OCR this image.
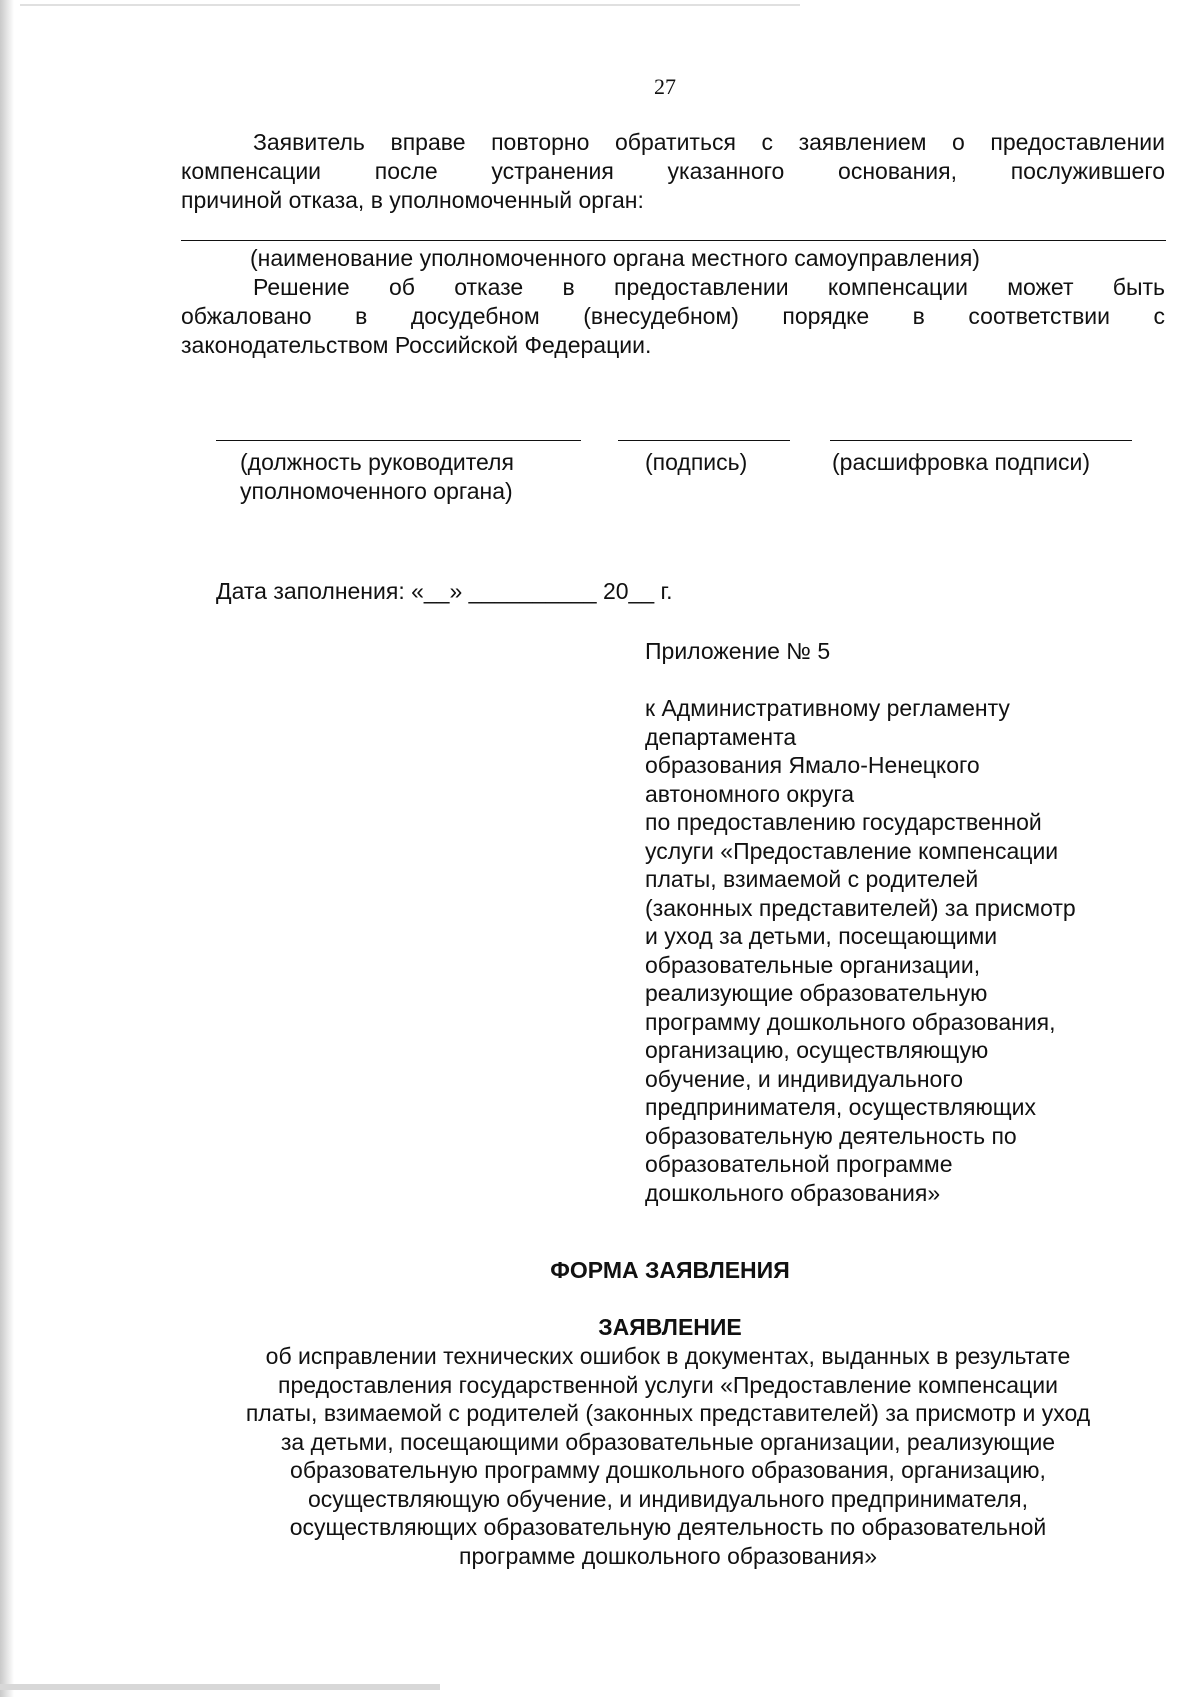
27
Заявитель вправе повторно обратиться с заявлением о предоставлении
компенсации после устранения указанного основания, послужившего
причиной отказа, в уполномоченный орган:
(наименование уполномоченного органа местного самоуправления)
Решение об отказе в предоставлении компенсации может быть
обжаловано в досудебном (внесудебном) порядке в соответствии с
законодательством Российской Федерации.
(должность руководителя
уполномоченного органа)
(подпись)	(расшифровка подписи)
Дата заполнения: «__» __________ 20__ г.
Приложение № 5
к Административному регламенту
департамента
образования Ямало-Ненецкого
автономного округа
по предоставлению государственной
услуги «Предоставление компенсации
платы, взимаемой с родителей
(законных представителей) за присмотр
и уход за детьми, посещающими
образовательные организации,
реализующие образовательную
программу дошкольного образования,
организацию, осуществляющую
обучение, и индивидуального
предпринимателя, осуществляющих
образовательную деятельность по
образовательной программе
дошкольного образования»
ФОРМА ЗАЯВЛЕНИЯ
ЗАЯВЛЕНИЕ
об исправлении технических ошибок в документах, выданных в результате
предоставления государственной услуги «Предоставление компенсации
платы, взимаемой с родителей (законных представителей) за присмотр и уход
за детьми, посещающими образовательные организации, реализующие
образовательную программу дошкольного образования, организацию,
осуществляющую обучение, и индивидуального предпринимателя,
осуществляющих образовательную деятельность по образовательной
программе дошкольного образования»
